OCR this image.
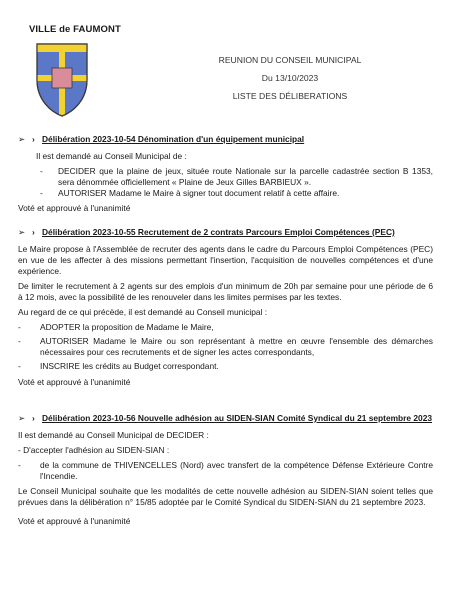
VILLE de FAUMONT
REUNION DU CONSEIL MUNICIPAL
Du 13/10/2023
LISTE DES DÉLIBERATIONS
➢ › Délibération 2023-10-54 Dénomination d'un équipement municipal
Il est demandé au Conseil Municipal de :
-	DECIDER que la plaine de jeux, située route Nationale sur la parcelle cadastrée section B 1353, sera dénommée officiellement « Plaine de Jeux Gilles BARBIEUX ».
-	AUTORISER Madame le Maire à signer tout document relatif à cette affaire.
Voté et approuvé à l'unanimité
➢ › Délibération 2023-10-55 Recrutement de 2 contrats Parcours Emploi Compétences (PEC)
Le Maire propose à l'Assemblée de recruter des agents dans le cadre du Parcours Emploi Compétences (PEC) en vue de les affecter à des missions permettant l'insertion, l'acquisition de nouvelles compétences et d'une expérience.
De limiter le recrutement à 2 agents sur des emplois d'un minimum de 20h par semaine pour une période de 6 à 12 mois, avec la possibilité de les renouveler dans les limites permises par les textes.
Au regard de ce qui précède, il est demandé au Conseil municipal :
-	ADOPTER la proposition de Madame le Maire,
-	AUTORISER Madame le Maire ou son représentant à mettre en œuvre l'ensemble des démarches nécessaires pour ces recrutements et de signer les actes correspondants,
-	INSCRIRE les crédits au Budget correspondant.
Voté et approuvé à l'unanimité
➢ › Délibération 2023-10-56 Nouvelle adhésion au SIDEN-SIAN Comité Syndical du 21 septembre 2023
Il est demandé au Conseil Municipal de DECIDER :
- D'accepter l'adhésion au SIDEN-SIAN :
-	de la commune de THIVENCELLES (Nord) avec transfert de la compétence Défense Extérieure Contre l'Incendie.
Le Conseil Municipal souhaite que les modalités de cette nouvelle adhésion au SIDEN-SIAN soient telles que prévues dans la délibération n° 15/85 adoptée par le Comité Syndical du SIDEN-SIAN du 21 septembre 2023.
Voté et approuvé à l'unanimité
